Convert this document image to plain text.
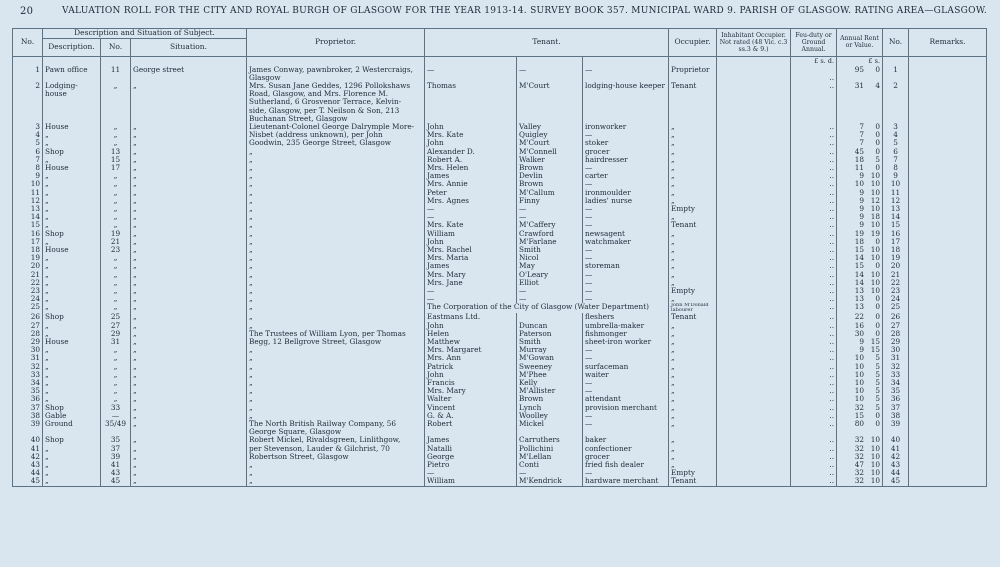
20	VALUATION ROLL FOR THE CITY AND ROYAL BURGH OF GLASGOW FOR THE YEAR 1913-14. SURVEY BOOK 357. MUNICIPAL WARD 9. PARISH OF GLASGOW. RATING AREA—GLASGOW.
No.	Description and Situation of Subject.			Proprietor.	Tenant.			Occupier.	Inhabitant Occupier. Not rated (48 Vic. c.3 ss.3 & 9.)	Feu-duty or Ground Annual.	Annual Rent or Value.	No.	Remarks.
	Description.	No.	Situation.										
										£ s. d.	£ s.		
1	Pawn office	11	George street	James Conway, pawnbroker, 2 Westercraigs,	—	—	—	Proprietor			95 0	1	
				Glasgow						..			
2	Lodging-	„	„	Mrs. Susan Jane Geddes, 1296 Pollokshaws	Thomas	M'Court	lodging-house keeper	Tenant		..	31 4	2	
	house			Road, Glasgow, and Mrs. Florence M.									
				Sutherland, 6 Grosvenor Terrace, Kelvin-									
				side, Glasgow, per T. Neilson & Son, 213									
				Buchanan Street, Glasgow									
3	House	„	„	Lieutenant-Colonel George Dalrymple More-	John	Valley	ironworker	„		..	7 0	3	
4	„	„	„	Nisbet (address unknown), per John	Mrs. Kate	Quigley	—	„		..	7 0	4	
5	„	„	„	Goodwin, 235 George Street, Glasgow	John	M'Court	stoker	„		..	7 0	5	
6	Shop	13	„	„	Alexander D.	M'Connell	grocer	„		..	45 0	6	
7	„	15	„	„	Robert A.	Walker	hairdresser	„		..	18 5	7	
8	House	17	„	„	Mrs. Helen	Brown	—	„		..	11 0	8	
9	„	„	„	„	James	Devlin	carter	„		..	9 10	9	
10	„	„	„	„	Mrs. Annie	Brown	—	„		..	10 10	10	
11	„	„	„	„	Peter	M'Callum	ironmoulder	„		..	9 10	11	
12	„	„	„	„	Mrs. Agnes	Finny	ladies' nurse	„		..	9 12	12	
13	„	„	„	„	—	—	—	Empty		..	9 10	13	
14	„	„	„	„	—	—	—	„		..	9 18	14	
15	„	„	„	„	Mrs. Kate	M'Caffery	—	Tenant		..	9 10	15	
16	Shop	19	„	„	William	Crawford	newsagent	„		..	19 19	16	
17	„	21	„	„	John	M'Farlane	watchmaker	„		..	18 0	17	
18	House	23	„	„	Mrs. Rachel	Smith	—	„		..	15 10	18	
19	„	„	„	„	Mrs. Maria	Nicol	—	„		..	14 10	19	
20	„	„	„	„	James	May	storeman	„		..	15 0	20	
21	„	„	„	„	Mrs. Mary	O'Leary	—	„		..	14 10	21	
22	„	„	„	„	Mrs. Jane	Elliot	—	„		..	14 10	22	
23	„	„	„	„	—	—	—	Empty		..	13 10	23	
24	„	„	„	„	—	—	—	„		..	13 0	24	
25	„	„	„	„	The Corporation of the City of Glasgow (Water Department)			John M'Donald labourer		..	13 0	25	
26	Shop	25	„	„	Eastmans Ltd.		fleshers	Tenant		..	22 0	26	
27	„	27	„	„	John	Duncan	umbrella-maker	„		..	16 0	27	
28	„	29	„	The Trustees of William Lyon, per Thomas	Helen	Paterson	fishmonger	„		..	30 0	28	
29	House	31	„	Begg, 12 Bellgrove Street, Glasgow	Matthew	Smith	sheet-iron worker	„		..	9 15	29	
30	„	„	„	„	Mrs. Margaret	Murray	—	„		..	9 15	30	
31	„	„	„	„	Mrs. Ann	M'Gowan	—	„		..	10 5	31	
32	„	„	„	„	Patrick	Sweeney	surfaceman	„		..	10 5	32	
33	„	„	„	„	John	M'Phee	waiter	„		..	10 5	33	
34	„	„	„	„	Francis	Kelly	—	„		..	10 5	34	
35	„	„	„	„	Mrs. Mary	M'Allister	—	„		..	10 5	35	
36	„	„	„	„	Walter	Brown	attendant	„		..	10 5	36	
37	Shop	33	„	„	Vincent	Lynch	provision merchant	„		..	32 5	37	
38	Gable	—	„	„	G. & A.	Woolley	—	„		..	15 0	38	
39	Ground	35/49	„	The North British Railway Company, 56	Robert	Mickel	—	„		..	80 0	39	
				George Square, Glasgow									
40	Shop	35	„	Robert Mickel, Rivaldsgreen, Linlithgow,	James	Carruthers	baker	„		..	32 10	40	
41	„	37	„	per Stevenson, Lauder & Gilchrist, 70	Natalli	Pollichini	confectioner	„		..	32 10	41	
42	„	39	„	Robertson Street, Glasgow	George	M'Lellan	grocer	„		..	32 10	42	
43	„	41	„	„	Pietro	Conti	fried fish dealer	„		..	47 10	43	
44	„	43	„	„	—	—	—	Empty		..	32 10	44	
45	„	45	„	„	William	M'Kendrick	hardware merchant	Tenant		..	32 10	45	
